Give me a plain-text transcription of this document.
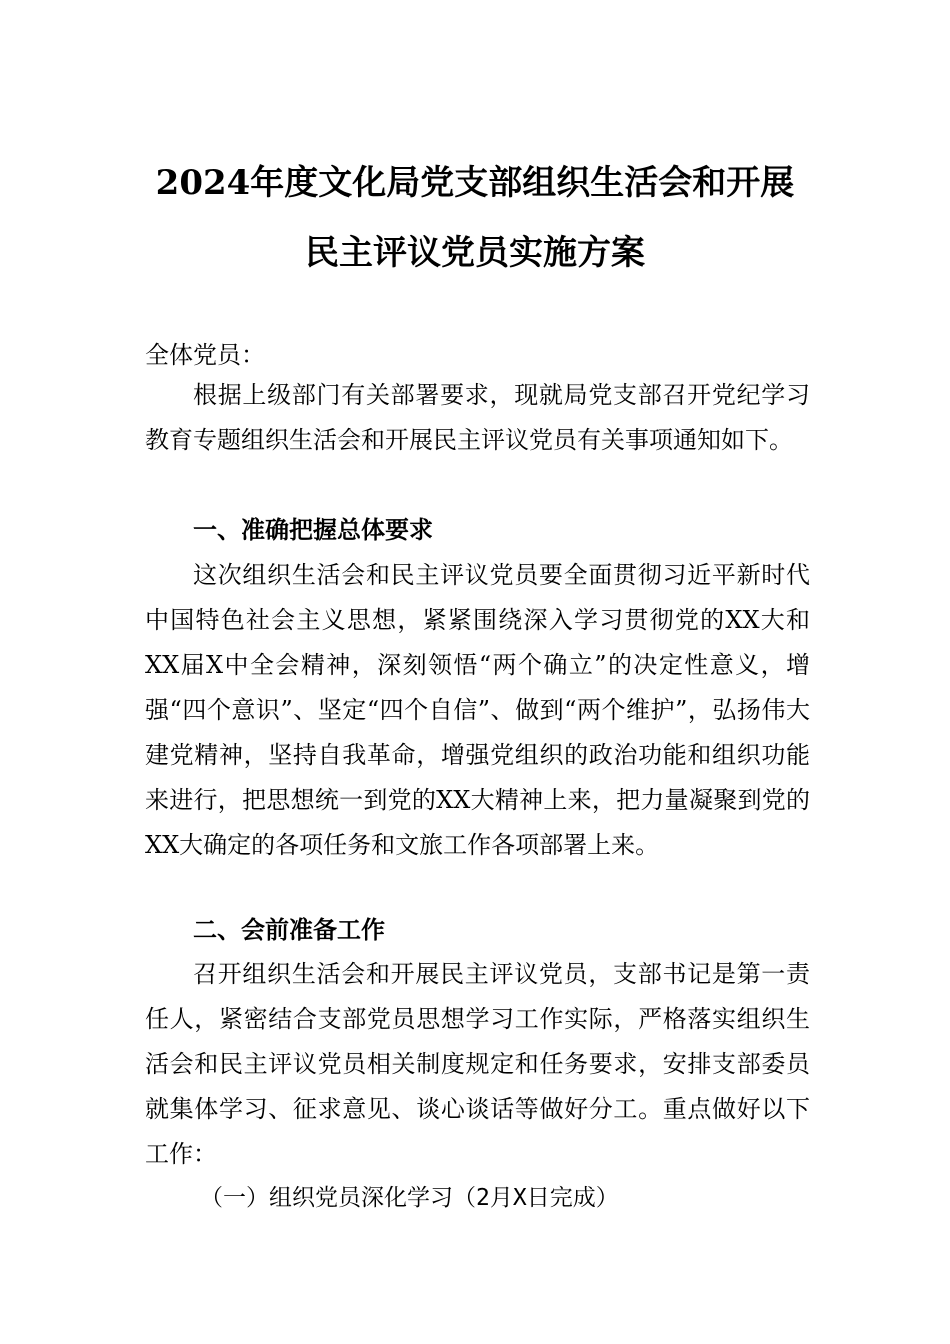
2024年度文化局党支部组织生活会和开展
民主评议党员实施方案

全体党员：

根据上级部门有关部署要求，现就局党支部召开党纪学习教育专题组织生活会和开展民主评议党员有关事项通知如下。

一、准确把握总体要求

这次组织生活会和民主评议党员要全面贯彻习近平新时代中国特色社会主义思想，紧紧围绕深入学习贯彻党的XX大和XX届X中全会精神，深刻领悟“两个确立”的决定性意义，增强“四个意识”、坚定“四个自信”、做到“两个维护”，弘扬伟大建党精神，坚持自我革命，增强党组织的政治功能和组织功能来进行，把思想统一到党的XX大精神上来，把力量凝聚到党的XX大确定的各项任务和文旅工作各项部署上来。

二、会前准备工作

召开组织生活会和开展民主评议党员，支部书记是第一责任人，紧密结合支部党员思想学习工作实际，严格落实组织生活会和民主评议党员相关制度规定和任务要求，安排支部委员就集体学习、征求意见、谈心谈话等做好分工。重点做好以下工作：

（一）组织党员深化学习（2月X日完成）
